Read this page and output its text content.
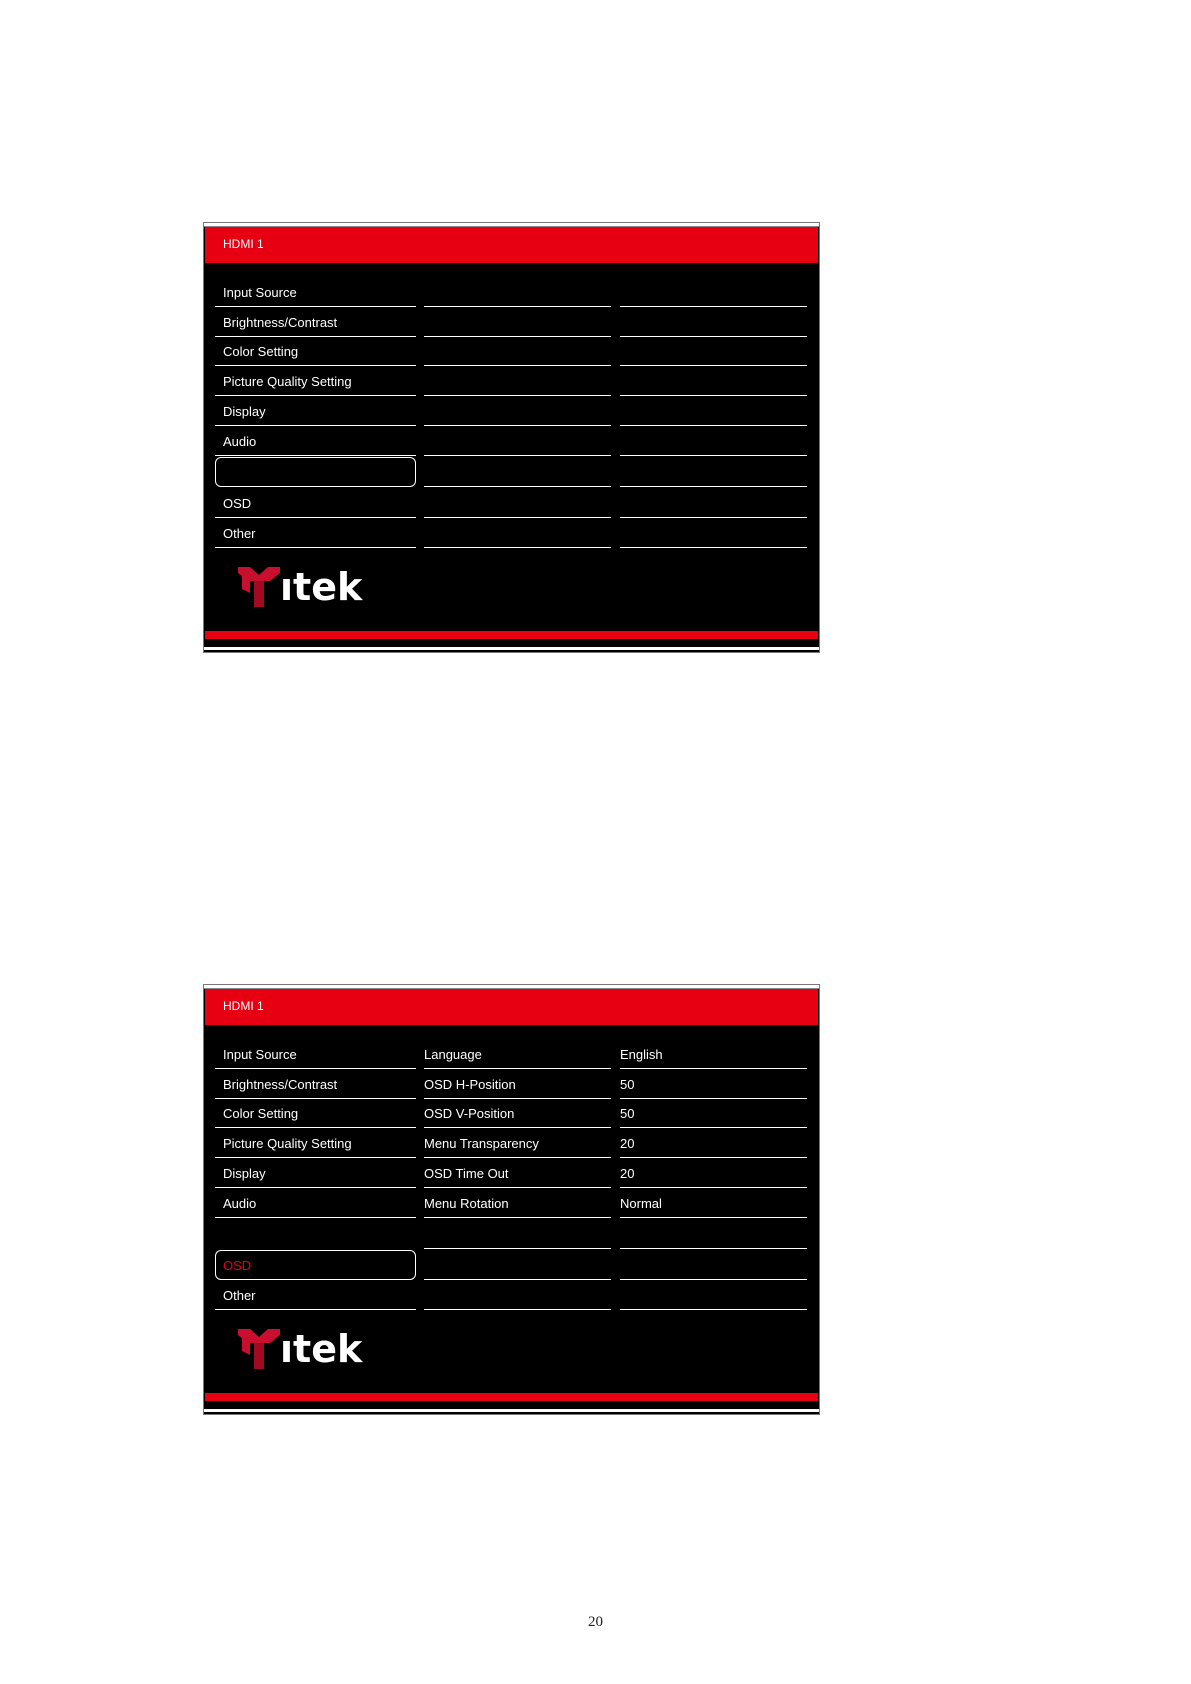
HDMI 1
Input Source
Brightness/Contrast
Color Setting
Picture Quality Setting
Display
Audio
OSD
Other
ıtek
HDMI 1
Input Source
Brightness/Contrast
Color Setting
Picture Quality Setting
Display
Audio
OSD
Other
Language
OSD H-Position
OSD V-Position
Menu Transparency
OSD Time Out
Menu Rotation
English
50
50
20
20
Normal
ıtek
20
